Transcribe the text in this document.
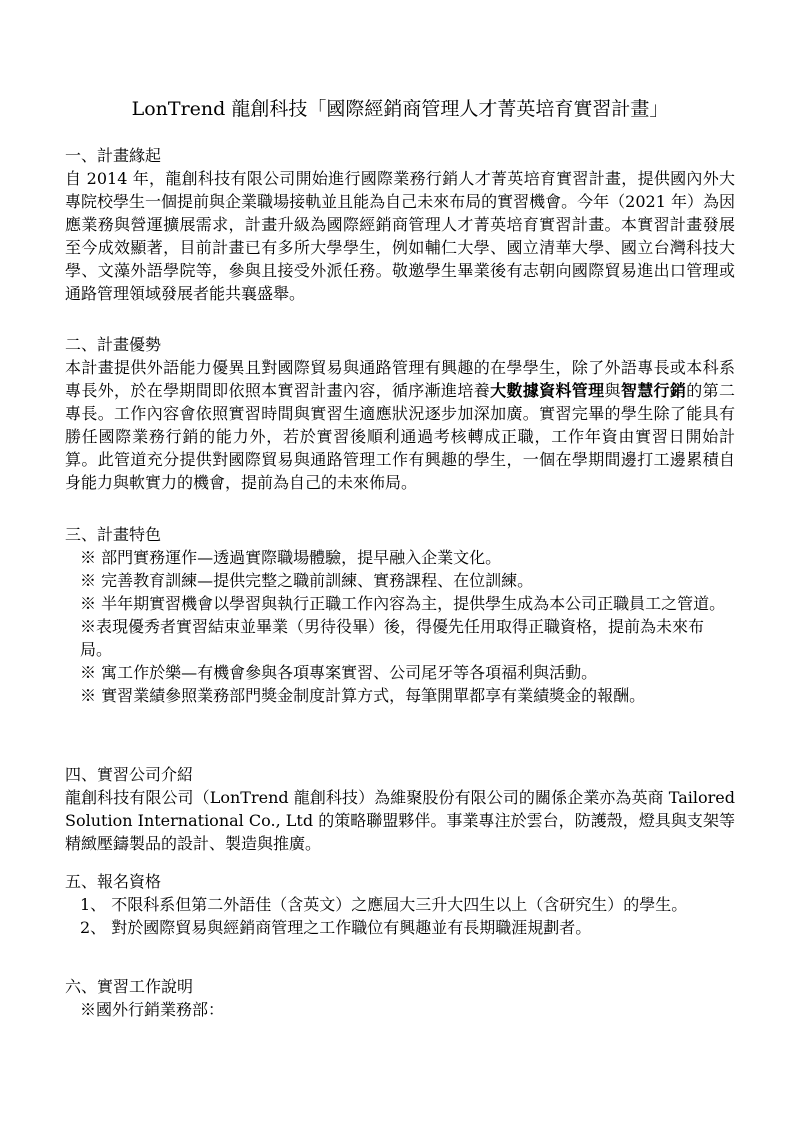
LonTrend 龍創科技「國際經銷商管理人才菁英培育實習計畫」
一、計畫緣起
自 2014 年，龍創科技有限公司開始進行國際業務行銷人才菁英培育實習計畫，提供國內外大專院校學生一個提前與企業職場接軌並且能為自己未來布局的實習機會。今年（2021 年）為因應業務與營運擴展需求，計畫升級為國際經銷商管理人才菁英培育實習計畫。本實習計畫發展至今成效顯著，目前計畫已有多所大學學生，例如輔仁大學、國立清華大學、國立台灣科技大學、文藻外語學院等，參與且接受外派任務。敬邀學生畢業後有志朝向國際貿易進出口管理或通路管理領域發展者能共襄盛舉。
二、計畫優勢
本計畫提供外語能力優異且對國際貿易與通路管理有興趣的在學學生，除了外語專長或本科系專長外，於在學期間即依照本實習計畫內容，循序漸進培養大數據資料管理與智慧行銷的第二專長。工作內容會依照實習時間與實習生適應狀況逐步加深加廣。實習完畢的學生除了能具有勝任國際業務行銷的能力外，若於實習後順利通過考核轉成正職，工作年資由實習日開始計算。此管道充分提供對國際貿易與通路管理工作有興趣的學生，一個在學期間邊打工邊累積自身能力與軟實力的機會，提前為自己的未來佈局。
三、計畫特色
※ 部門實務運作—透過實際職場體驗，提早融入企業文化。
※ 完善教育訓練—提供完整之職前訓練、實務課程、在位訓練。
※ 半年期實習機會以學習與執行正職工作內容為主，提供學生成為本公司正職員工之管道。
※表現優秀者實習結束並畢業（男待役畢）後，得優先任用取得正職資格，提前為未來布局。
※ 寓工作於樂—有機會參與各項專案實習、公司尾牙等各項福利與活動。
※ 實習業績參照業務部門獎金制度計算方式，每筆開單都享有業績獎金的報酬。
四、實習公司介紹
龍創科技有限公司（LonTrend 龍創科技）為維聚股份有限公司的關係企業亦為英商 Tailored Solution International Co., Ltd 的策略聯盟夥伴。事業專注於雲台，防護殼，燈具與支架等精緻壓鑄製品的設計、製造與推廣。
五、報名資格
1、 不限科系但第二外語佳（含英文）之應屆大三升大四生以上（含研究生）的學生。
2、 對於國際貿易與經銷商管理之工作職位有興趣並有長期職涯規劃者。
六、實習工作說明
※國外行銷業務部：
